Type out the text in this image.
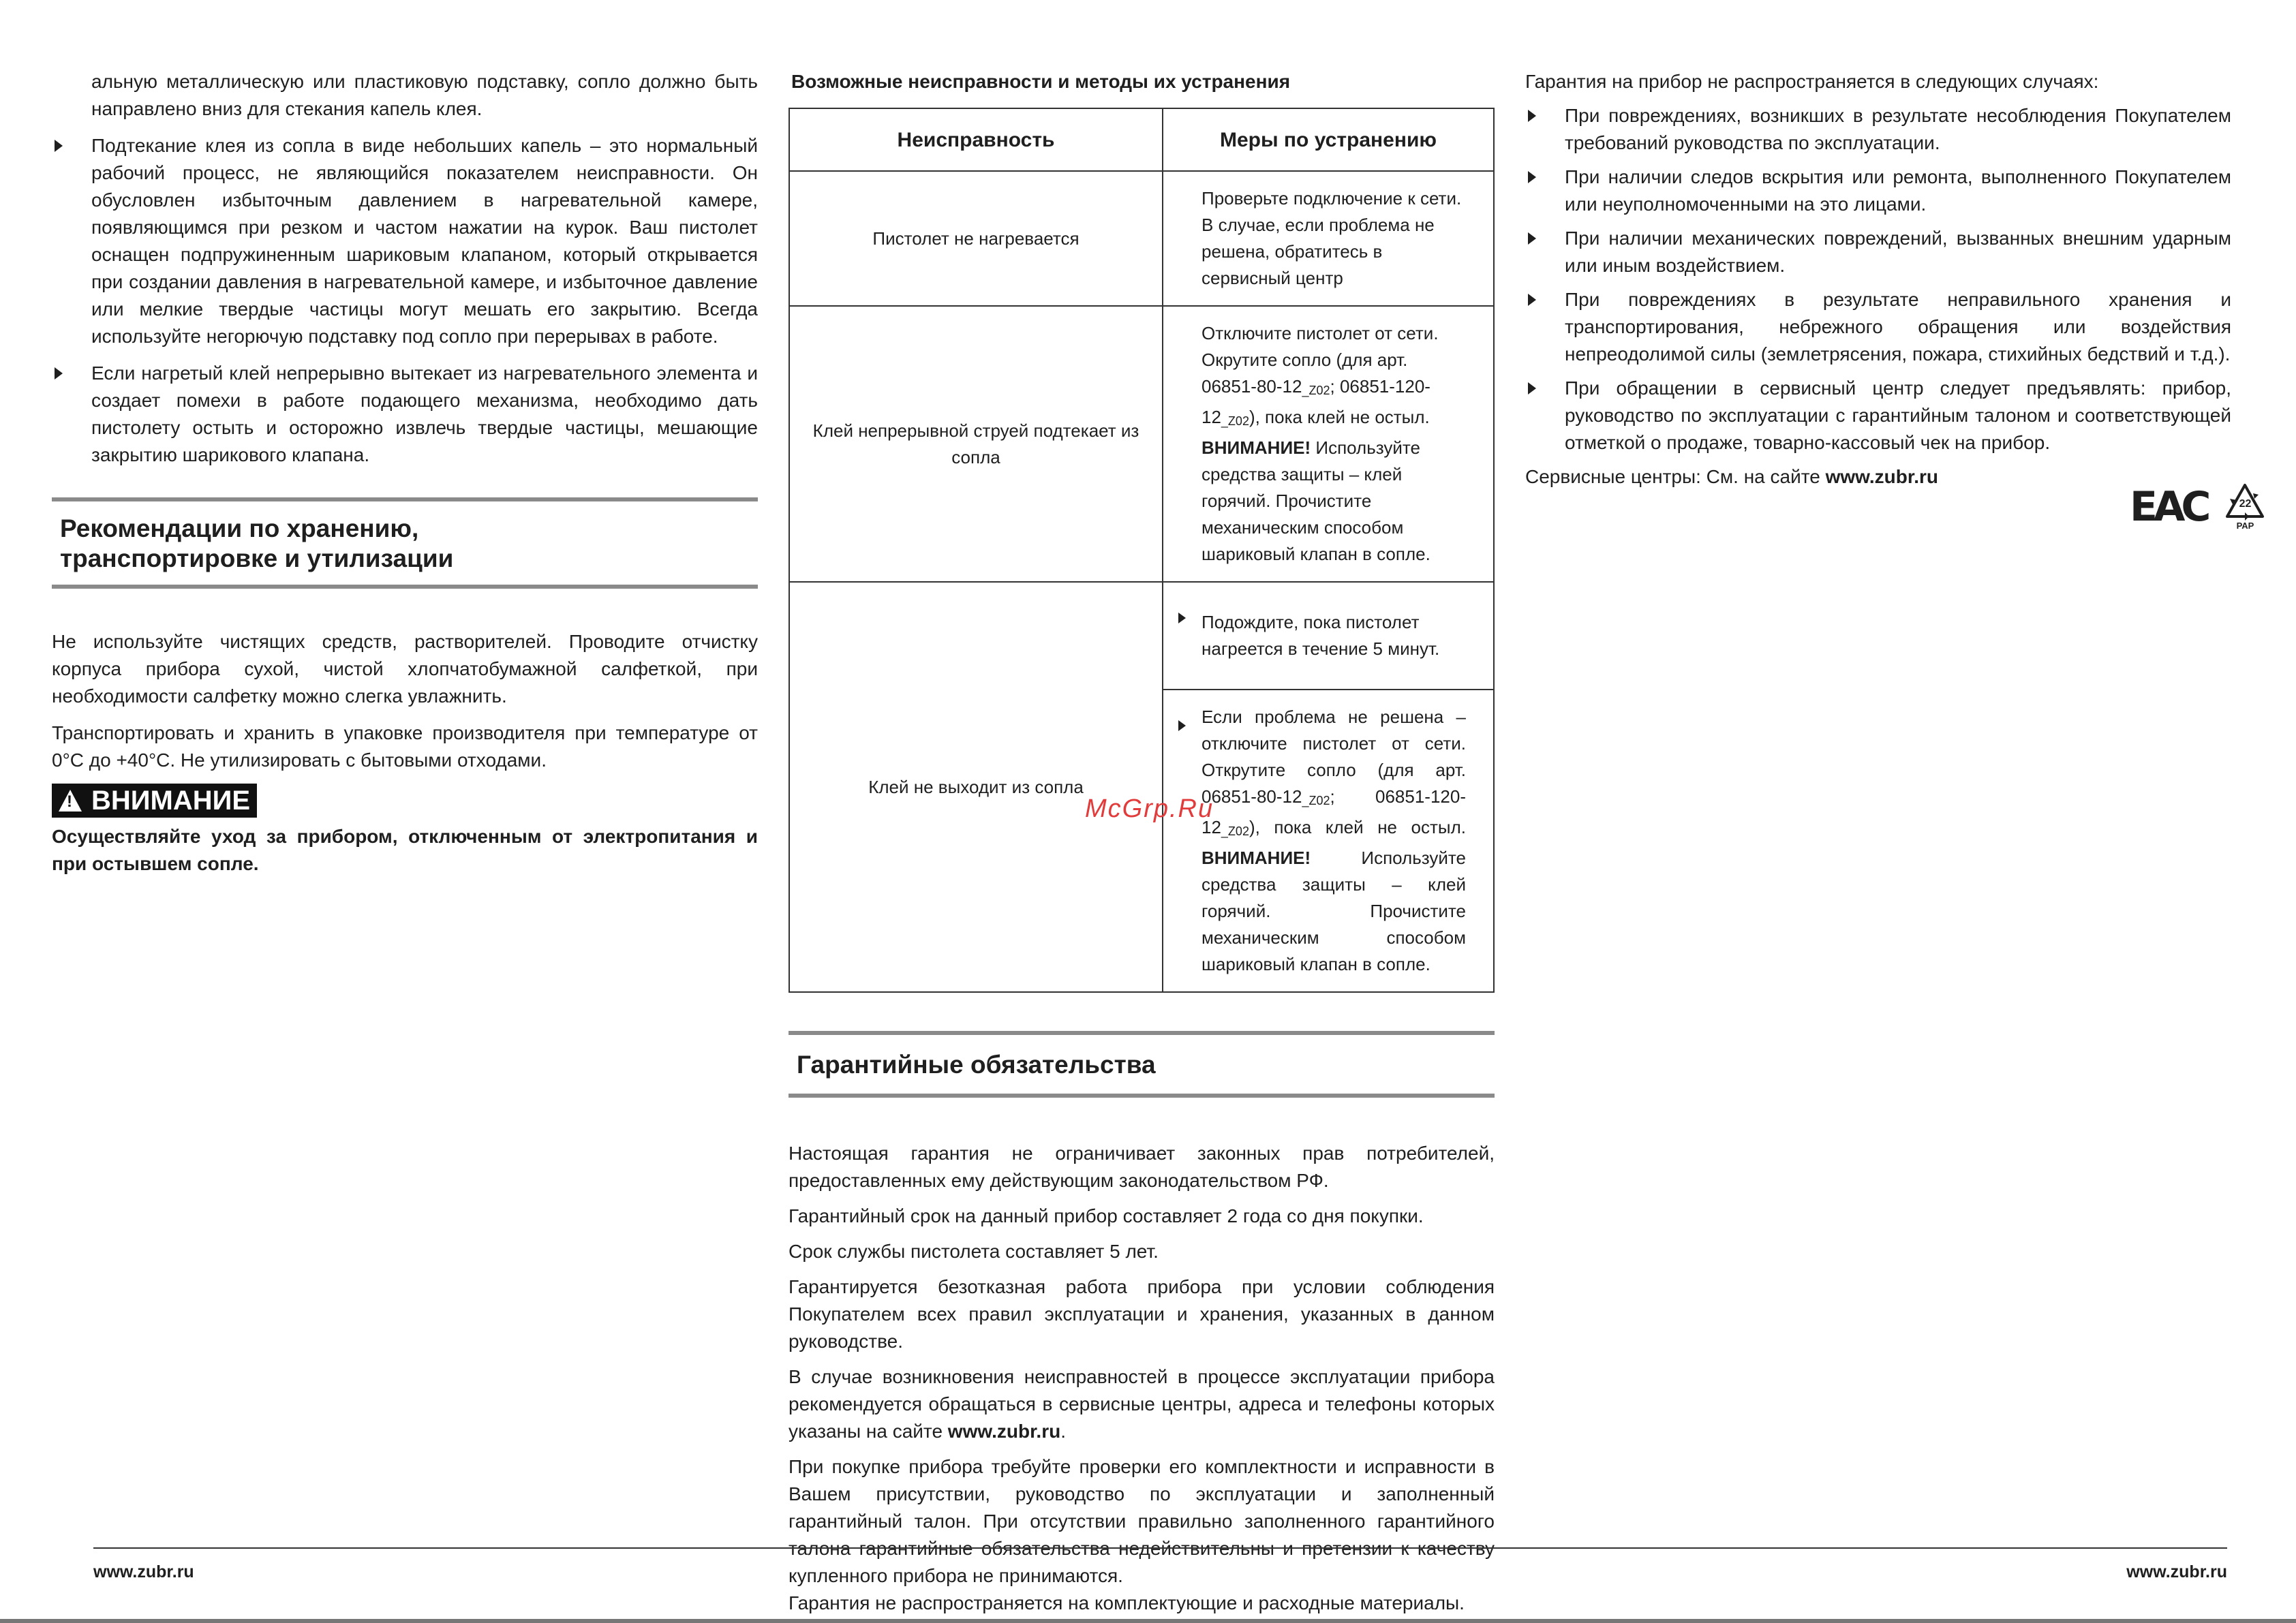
альную металлическую или пластиковую подставку, сопло должно быть направлено вниз для стекания капель клея.

Подтекание клея из сопла в виде небольших капель – это нормальный рабочий процесс, не являющийся показателем неисправности. Он обусловлен избыточным давлением в нагревательной камере, появляющимся при резком и частом нажатии на курок. Ваш пистолет оснащен подпружиненным шариковым клапаном, который открывается при создании давления в нагревательной камере, и избыточное давление или мелкие твердые частицы могут мешать его закрытию. Всегда используйте негорючую подставку под сопло при перерывах в работе.

Если нагретый клей непрерывно вытекает из нагревательного элемента и создает помехи в работе подающего механизма, необходимо дать пистолету остыть и осторожно извлечь твердые частицы, мешающие закрытию шарикового клапана.

Рекомендации по хранению,
транспортировке и утилизации

Не используйте чистящих средств, растворителей. Проводите отчистку корпуса прибора сухой, чистой хлопчатобумажной салфеткой, при необходимости салфетку можно слегка увлажнить.

Транспортировать и хранить в упаковке производителя при температуре от 0°C до +40°C. Не утилизировать с бытовыми отходами.

!
ВНИМАНИЕ

Осуществляйте уход за прибором, отключенным от электропитания и при остывшем сопле.

Возможные неисправности и методы их устранения

Неисправность	Меры по устранению
Пистолет не нагревается	Проверьте подключение к сети. В случае, если проблема не решена, обратитесь в сервисный центр
Клей непрерывной струей подтекает из сопла	Отключите пистолет от сети. Окрутите сопло (для арт. 06851-80-12_Z02; 06851-120-12_Z02), пока клей не остыл. ВНИМАНИЕ! Используйте средства защиты – клей горячий. Прочистите механическим способом шариковый клапан в сопле.
Клей не выходит из сопла	Подождите, пока пистолет нагреется в течение 5 минут.

Если проблема не решена – отключите пистолет от сети. Открутите сопло (для арт. 06851-80-12_Z02; 06851-120-12_Z02), пока клей не остыл. ВНИМАНИЕ! Используйте средства защиты – клей горячий. Прочистите механическим способом шариковый клапан в сопле.
Гарантийные обязательства

Настоящая гарантия не ограничивает законных прав потребителей, предоставленных ему действующим законодательством РФ.

Гарантийный срок на данный прибор составляет 2 года со дня покупки.

Срок службы пистолета составляет 5 лет.

Гарантируется безотказная работа прибора при условии соблюдения Покупателем всех правил эксплуатации и хранения, указанных в данном руководстве.

В случае возникновения неисправностей в процессе эксплуатации прибора рекомендуется обращаться в сервисные центры, адреса и телефоны которых указаны на сайте www.zubr.ru.

При покупке прибора требуйте проверки его комплектности и исправности в Вашем присутствии, руководство по эксплуатации и заполненный гарантийный талон. При отсутствии правильно заполненного гарантийного талона гарантийные обязательства недействительны и претензии к качеству купленного прибора не принимаются.

Гарантия не распространяется на комплектующие и расходные материалы.

Гарантия на прибор не распространяется в следующих случаях:

При повреждениях, возникших в результате несоблюдения Покупателем требований руководства по эксплуатации.

При наличии следов вскрытия или ремонта, выполненного Покупателем или неуполномоченными на это лицами.

При наличии механических повреждений, вызванных внешним ударным или иным воздействием.

При повреждениях в результате неправильного хранения и транспортирования, небрежного обращения или воздействия непреодолимой силы (землетрясения, пожара, стихийных бедствий и т.д.).

При обращении в сервисный центр следует предъявлять: прибор, руководство по эксплуатации с гарантийным талоном и соответствующей отметкой о продаже, товарно-кассовый чек на прибор.

Сервисные центры: См. на сайте www.zubr.ru

ЕАС	22
PAP
McGrp.Ru
www.zubr.ru	www.zubr.ru
